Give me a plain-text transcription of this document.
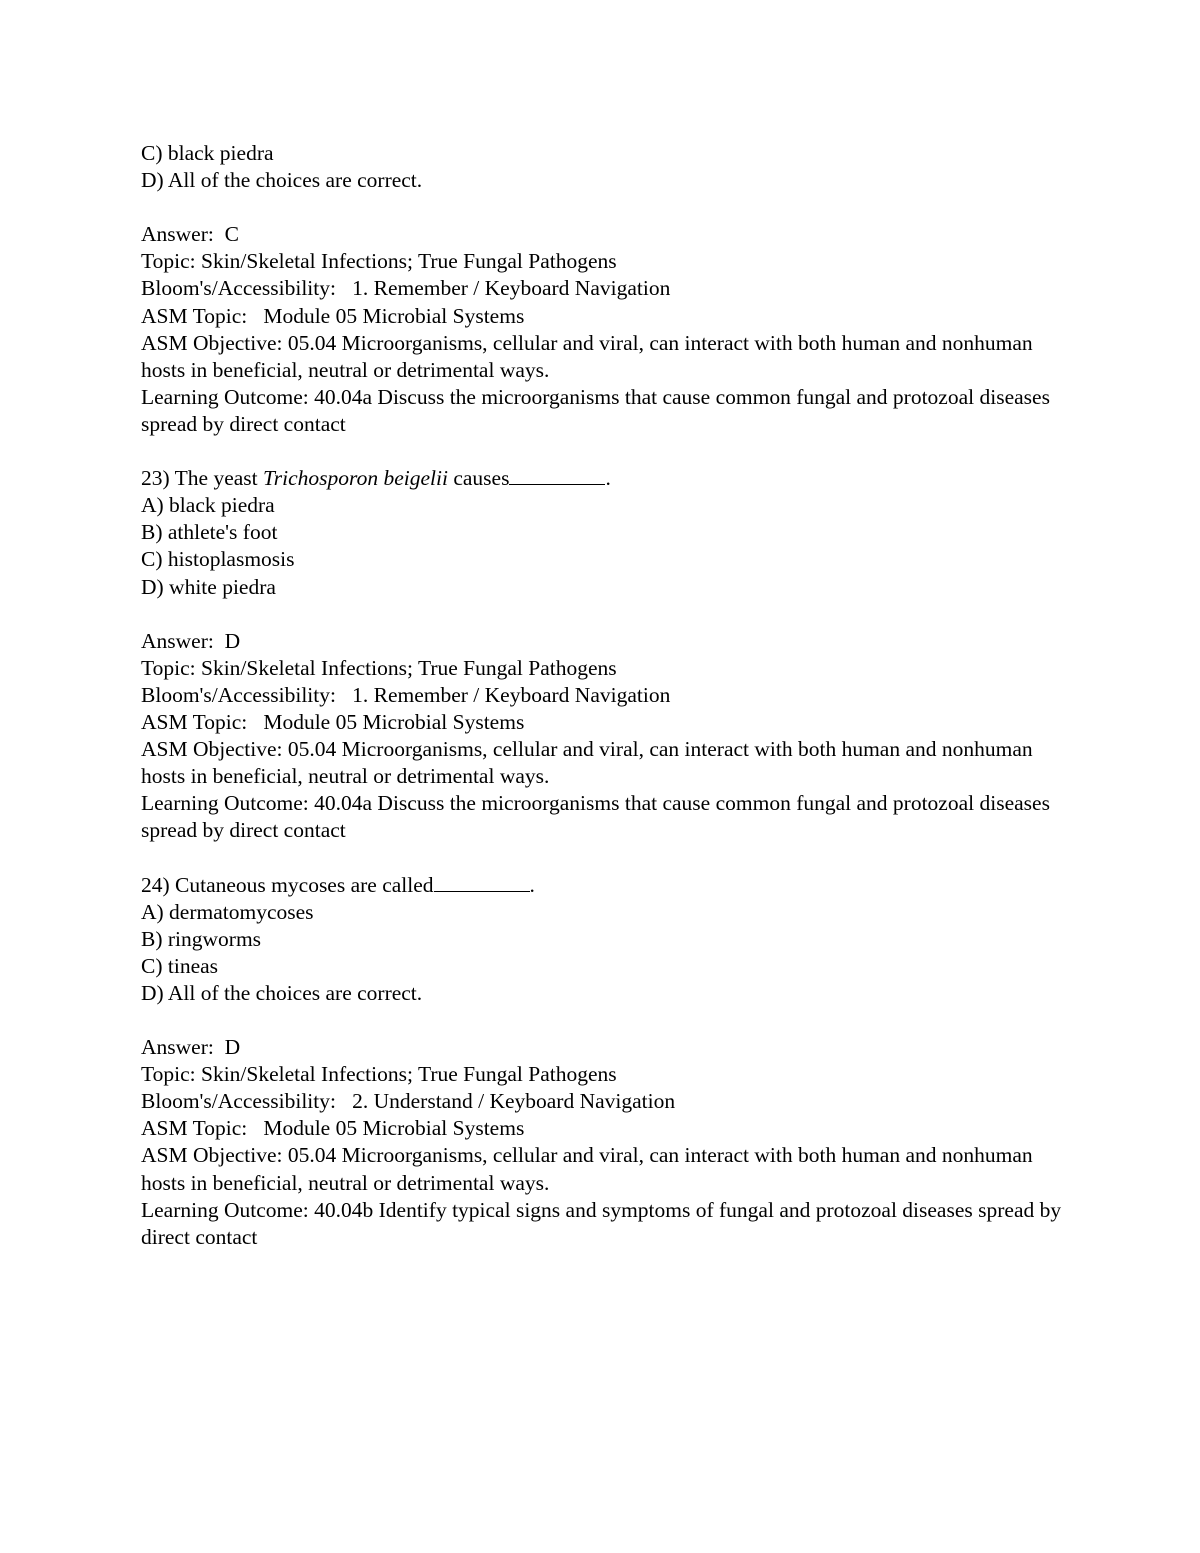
C) black piedra
D) All of the choices are correct.
Answer:  C
Topic: Skin/Skeletal Infections; True Fungal Pathogens
Bloom's/Accessibility:   1. Remember / Keyboard Navigation
ASM Topic:   Module 05 Microbial Systems
ASM Objective: 05.04 Microorganisms, cellular and viral, can interact with both human and nonhuman hosts in beneficial, neutral or detrimental ways.
Learning Outcome: 40.04a Discuss the microorganisms that cause common fungal and protozoal diseases spread by direct contact
23) The yeast Trichosporon beigelii causes	.
A) black piedra
B) athlete's foot
C) histoplasmosis
D) white piedra
Answer:  D
Topic: Skin/Skeletal Infections; True Fungal Pathogens
Bloom's/Accessibility:   1. Remember / Keyboard Navigation
ASM Topic:   Module 05 Microbial Systems
ASM Objective: 05.04 Microorganisms, cellular and viral, can interact with both human and nonhuman hosts in beneficial, neutral or detrimental ways.
Learning Outcome: 40.04a Discuss the microorganisms that cause common fungal and protozoal diseases spread by direct contact
24) Cutaneous mycoses are called	.
A) dermatomycoses
B) ringworms
C) tineas
D) All of the choices are correct.
Answer:  D
Topic: Skin/Skeletal Infections; True Fungal Pathogens
Bloom's/Accessibility:   2. Understand / Keyboard Navigation
ASM Topic:   Module 05 Microbial Systems
ASM Objective: 05.04 Microorganisms, cellular and viral, can interact with both human and nonhuman hosts in beneficial, neutral or detrimental ways.
Learning Outcome: 40.04b Identify typical signs and symptoms of fungal and protozoal diseases spread by direct contact
